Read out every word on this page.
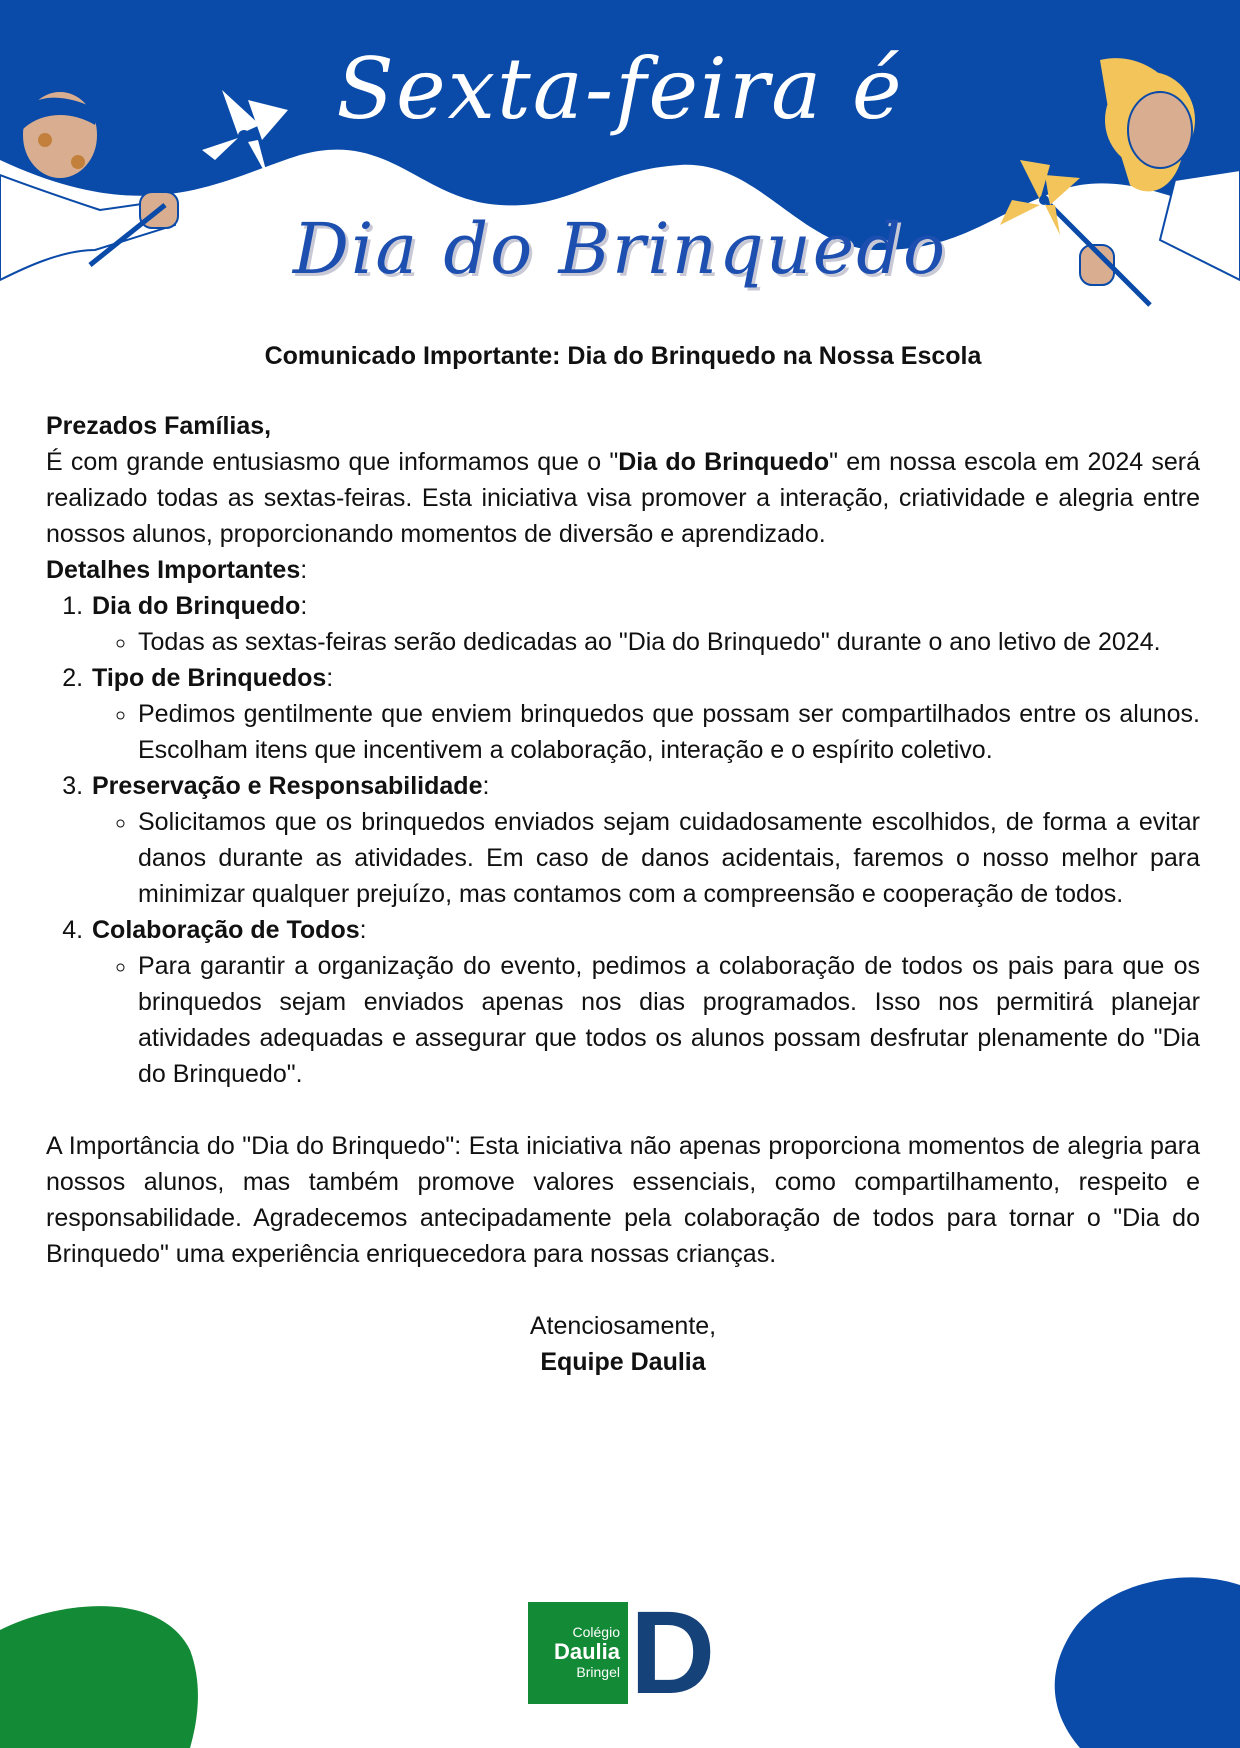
Sexta-feira é
Dia do Brinquedo
Comunicado Importante: Dia do Brinquedo na Nossa Escola

Prezados Famílias,

É com grande entusiasmo que informamos que o "Dia do Brinquedo" em nossa escola em 2024 será realizado todas as sextas-feiras. Esta iniciativa visa promover a interação, criatividade e alegria entre nossos alunos, proporcionando momentos de diversão e aprendizado.

Detalhes Importantes:

1. Dia do Brinquedo:
◦ Todas as sextas-feiras serão dedicadas ao "Dia do Brinquedo" durante o ano letivo de 2024.
2. Tipo de Brinquedos:
◦ Pedimos gentilmente que enviem brinquedos que possam ser compartilhados entre os alunos. Escolham itens que incentivem a colaboração, interação e o espírito coletivo.
3. Preservação e Responsabilidade:
◦ Solicitamos que os brinquedos enviados sejam cuidadosamente escolhidos, de forma a evitar danos durante as atividades. Em caso de danos acidentais, faremos o nosso melhor para minimizar qualquer prejuízo, mas contamos com a compreensão e cooperação de todos.
4. Colaboração de Todos:
◦ Para garantir a organização do evento, pedimos a colaboração de todos os pais para que os brinquedos sejam enviados apenas nos dias programados. Isso nos permitirá planejar atividades adequadas e assegurar que todos os alunos possam desfrutar plenamente do "Dia do Brinquedo".

A Importância do "Dia do Brinquedo": Esta iniciativa não apenas proporciona momentos de alegria para nossos alunos, mas também promove valores essenciais, como compartilhamento, respeito e responsabilidade. Agradecemos antecipadamente pela colaboração de todos para tornar o "Dia do Brinquedo" uma experiência enriquecedora para nossas crianças.

Atenciosamente,
Equipe Daulia
Colégio
Daulia
Bringel D
